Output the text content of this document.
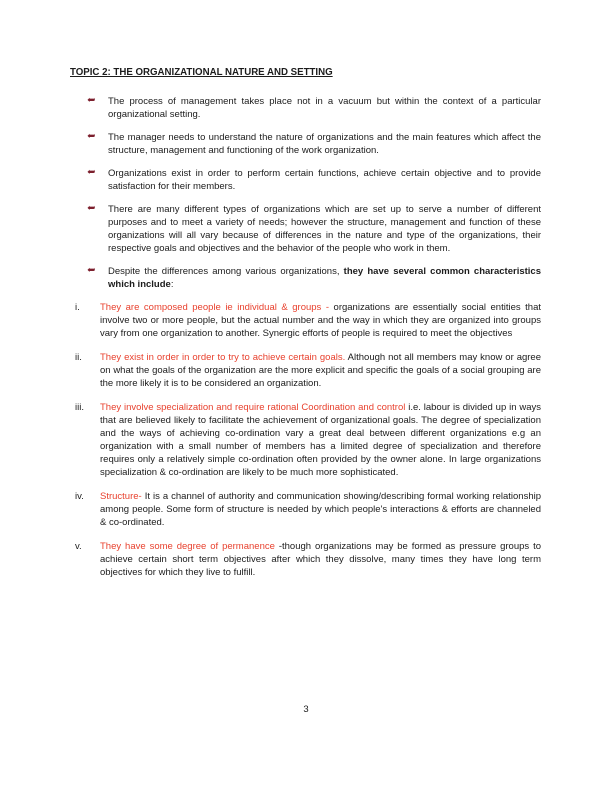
TOPIC 2: THE ORGANIZATIONAL NATURE AND SETTING
➥	The process of management takes place not in a vacuum but within the context of a particular organizational setting.
➥	The manager needs to understand the nature of organizations and the main features which affect the structure, management and functioning of the work organization.
➥	Organizations exist in order to perform certain functions, achieve certain objective and to provide satisfaction for their members.
➥	There are many different types of organizations which are set up to serve a number of different purposes and to meet a variety of needs; however the structure, management and function of these organizations will all vary because of differences in the nature and type of the organizations, their respective goals and objectives and the behavior of the people who work in them.
➥	Despite the differences among various organizations, they have several common characteristics which include:
i.	They are composed people ie individual & groups - organizations are essentially social entities that involve two or more people, but the actual number and the way in which they are organized into groups vary from one organization to another. Synergic efforts of people is required to meet the objectives
ii.	They exist in order in order to try to achieve certain goals. Although not all members may know or agree on what the goals of the organization are the more explicit and specific the goals of a social grouping are the more likely it is to be considered an organization.
iii.	They involve specialization and require rational Coordination and control i.e. labour is divided up in ways that are believed likely to facilitate the achievement of organizational goals. The degree of specialization and the ways of achieving co-ordination vary a great deal between different organizations e.g an organization with a small number of members has a limited degree of specialization and therefore requires only a relatively simple co-ordination often provided by the owner alone. In large organizations specialization & co-ordination are likely to be much more sophisticated.
iv.	Structure- It is a channel of authority and communication showing/describing formal working relationship among people. Some form of structure is needed by which people's interactions & efforts are channeled & co-ordinated.
v.	They have some degree of permanence -though organizations may be formed as pressure groups to achieve certain short term objectives after which they dissolve, many times they have long term objectives for which they live to fulfill.
3
